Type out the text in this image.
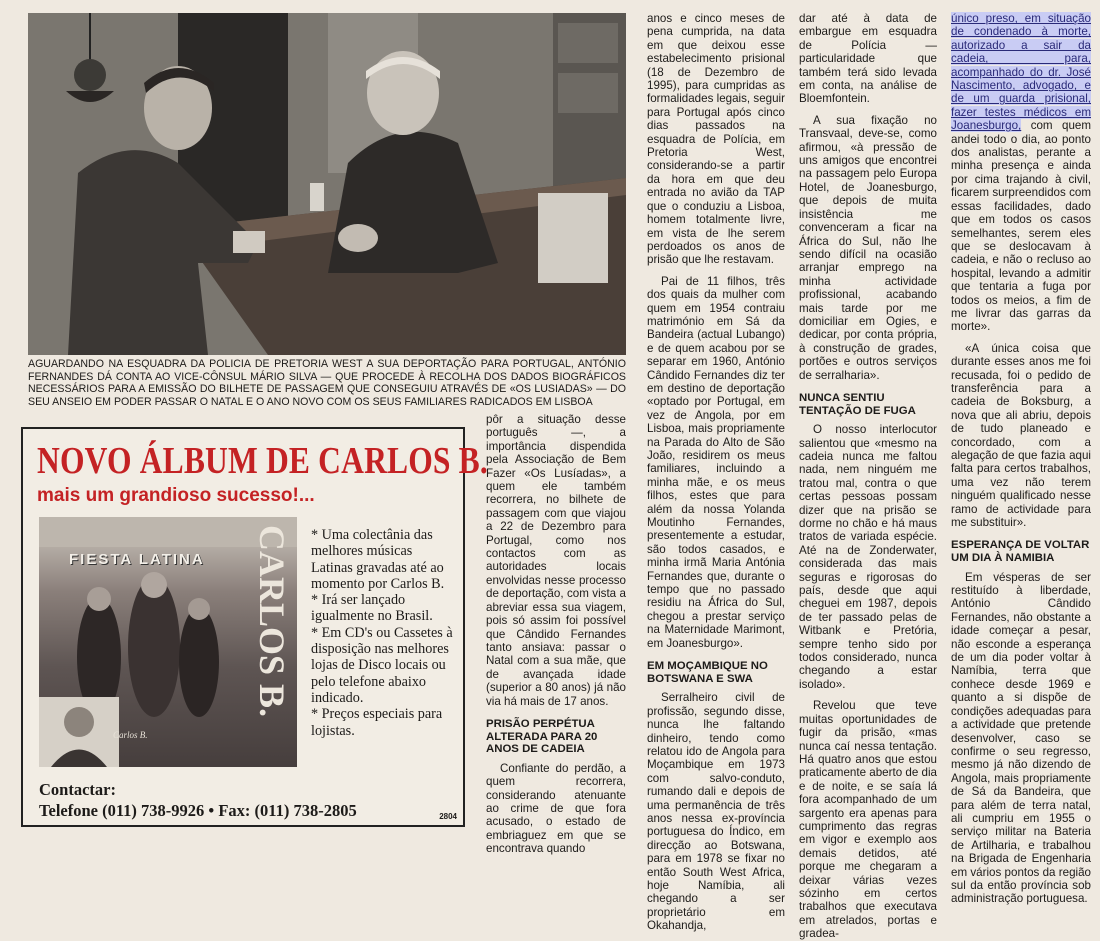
AGUARDANDO NA ESQUADRA DA POLICIA DE PRETORIA WEST A SUA DEPORTAÇÃO PARA PORTUGAL, ANTÓNIO FERNANDES DÁ CONTA AO VICE-CÔNSUL MÁRIO SILVA — QUE PROCEDE À RECOLHA DOS DADOS BIOGRÁFICOS NECESSÁRIOS PARA A EMISSÃO DO BILHETE DE PASSAGEM QUE CONSEGUIU ATRAVÉS DE «OS LUSIADAS» — DO SEU ANSEIO EM PODER PASSAR O NATAL E O ANO NOVO COM OS SEUS FAMILIARES RADICADOS EM LISBOA
NOVO ÁLBUM DE CARLOS B.
mais um grandioso sucesso!...
FIESTA LATINA	CARLOS B.
Carlos B.

* Uma colectânia das melhores músicas Latinas gravadas até ao momento por Carlos B.

* Irá ser lançado igualmente no Brasil.

* Em CD's ou Cassetes à disposição nas melhores lojas de Disco locais ou pelo telefone abaixo indicado.

* Preços especiais para lojistas.

Contactar:
Telefone (011) 738-9926 • Fax: (011) 738-2805	2804

pôr a situação desse português —, a importância dispendida pela Associação de Bem Fazer «Os Lusíadas», a quem ele também recorrera, no bilhete de passagem com que viajou a 22 de Dezembro para Portugal, como nos contactos com as autoridades locais envolvidas nesse processo de deportação, com vista a abreviar essa sua viagem, pois só assim foi possível que Cândido Fernandes tanto ansiava: passar o Natal com a sua mãe, que de avançada idade (superior a 80 anos) já não via há mais de 17 anos.

PRISÃO PERPÉTUA ALTERADA PARA 20 ANOS DE CADEIA

Confiante do perdão, a quem recorrera, considerando atenuante ao crime de que fora acusado, o estado de embriaguez em que se encontrava quando

anos e cinco meses de pena cumprida, na data em que deixou esse estabelecimento prisional (18 de Dezembro de 1995), para cumpridas as formalidades legais, seguir para Portugal após cinco dias passados na esquadra de Polícia, em Pretoria West, considerando-se a partir da hora em que deu entrada no avião da TAP que o conduziu a Lisboa, homem totalmente livre, em vista de lhe serem perdoados os anos de prisão que lhe restavam.

Pai de 11 filhos, três dos quais da mulher com quem em 1954 contraiu matrimónio em Sá da Bandeira (actual Lubango) e de quem acabou por se separar em 1960, António Cândido Fernandes diz ter em destino de deportação «optado por Portugal, em vez de Angola, por em Lisboa, mais propriamente na Parada do Alto de São João, residirem os meus familiares, incluindo a minha mãe, e os meus filhos, estes que para além da nossa Yolanda Moutinho Fernandes, presentemente a estudar, são todos casados, e minha irmã Maria Antónia Fernandes que, durante o tempo que no passado residiu na África do Sul, chegou a prestar serviço na Maternidade Marimont, em Joanesburgo».

EM MOÇAMBIQUE NO BOTSWANA E SWA

Serralheiro civil de profissão, segundo disse, nunca lhe faltando dinheiro, tendo como relatou ido de Angola para Moçambique em 1973 com salvo-conduto, rumando dali e depois de uma permanência de três anos nessa ex-província portuguesa do Índico, em direcção ao Botswana, para em 1978 se fixar no então South West Africa, hoje Namíbia, ali chegando a ser proprietário em Okahandja,

dar até à data de embargue em esquadra de Polícia — particularidade que também terá sido levada em conta, na análise de Bloemfontein.

A sua fixação no Transvaal, deve-se, como afirmou, «à pressão de uns amigos que encontrei na passagem pelo Europa Hotel, de Joanesburgo, que depois de muita insistência me convenceram a ficar na África do Sul, não lhe sendo difícil na ocasião arranjar emprego na minha actividade profissional, acabando mais tarde por me domiciliar em Ogies, e dedicar, por conta própria, à construção de grades, portões e outros serviços de serralharia».

NUNCA SENTIU TENTAÇÃO DE FUGA

O nosso interlocutor salientou que «mesmo na cadeia nunca me faltou nada, nem ninguém me tratou mal, contra o que certas pessoas possam dizer que na prisão se dorme no chão e há maus tratos de variada espécie. Até na de Zonderwater, considerada das mais seguras e rigorosas do país, desde que aqui cheguei em 1987, depois de ter passado pelas de Witbank e Pretória, sempre tenho sido por todos considerado, nunca chegando a estar isolado».

Revelou que teve muitas oportunidades de fugir da prisão, «mas nunca caí nessa tentação. Há quatro anos que estou praticamente aberto de dia e de noite, e se saía lá fora acompanhado de um sargento era apenas para cumprimento das regras em vigor e exemplo aos demais detidos, até porque me chegaram a deixar várias vezes sózinho em certos trabalhos que executava em atrelados, portas e gradea-

único preso, em situação de condenado à morte, autorizado a sair da cadeia, para, acompanhado do dr. José Nascimento, advogado, e de um guarda prisional, fazer testes médicos em Joanesburgo, com quem andei todo o dia, ao ponto dos analistas, perante a minha presença e ainda por cima trajando à civil, ficarem surpreendidos com essas facilidades, dado que em todos os casos semelhantes, serem eles que se deslocavam à cadeia, e não o recluso ao hospital, levando a admitir que tentaria a fuga por todos os meios, a fim de me livrar das garras da morte».

«A única coisa que durante esses anos me foi recusada, foi o pedido de transferência para a cadeia de Boksburg, a nova que ali abriu, depois de tudo planeado e concordado, com a alegação de que fazia aqui falta para certos trabalhos, uma vez não terem ninguém qualificado nesse ramo de actividade para me substituir».

ESPERANÇA DE VOLTAR UM DIA À NAMIBIA

Em vésperas de ser restituído à liberdade, António Cândido Fernandes, não obstante a idade começar a pesar, não esconde a esperança de um dia poder voltar à Namíbia, terra que conhece desde 1969 e quanto a si dispõe de condições adequadas para a actividade que pretende desenvolver, caso se confirme o seu regresso, mesmo já não dizendo de Angola, mais propriamente de Sá da Bandeira, que para além de terra natal, ali cumpriu em 1955 o serviço militar na Bateria de Artilharia, e trabalhou na Brigada de Engenharia em vários pontos da região sul da então província sob administração portuguesa.
